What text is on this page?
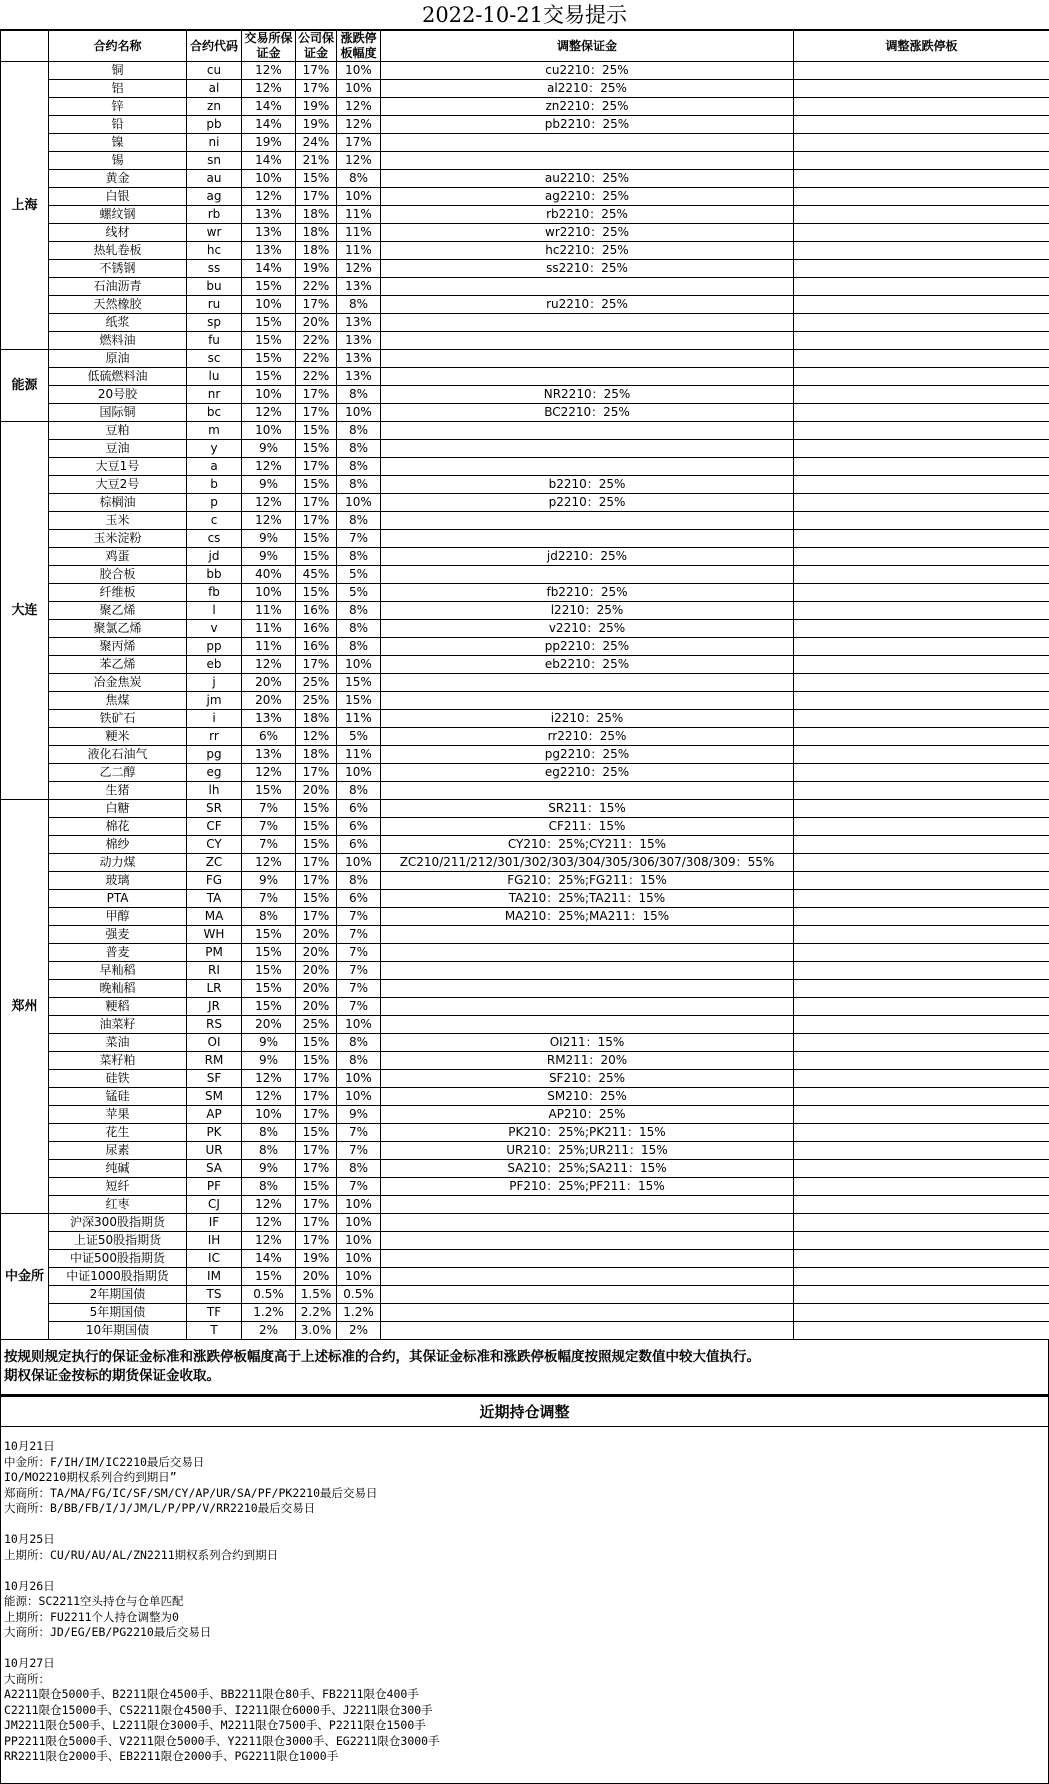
2022-10-21交易提示
	合约名称	合约代码	交易所保证金	公司保证金	涨跌停板幅度	调整保证金	调整涨跌停板
上海	铜	cu	12%	17%	10%	cu2210：25%	
	铝	al	12%	17%	10%	al2210：25%	
	锌	zn	14%	19%	12%	zn2210：25%	
	铅	pb	14%	19%	12%	pb2210：25%	
	镍	ni	19%	24%	17%		
	锡	sn	14%	21%	12%		
	黄金	au	10%	15%	8%	au2210：25%	
	白银	ag	12%	17%	10%	ag2210：25%	
	螺纹钢	rb	13%	18%	11%	rb2210：25%	
	线材	wr	13%	18%	11%	wr2210：25%	
	热轧卷板	hc	13%	18%	11%	hc2210：25%	
	不锈钢	ss	14%	19%	12%	ss2210：25%	
	石油沥青	bu	15%	22%	13%		
	天然橡胶	ru	10%	17%	8%	ru2210：25%	
	纸浆	sp	15%	20%	13%		
	燃料油	fu	15%	22%	13%		
能源	原油	sc	15%	22%	13%		
	低硫燃料油	lu	15%	22%	13%		
	20号胶	nr	10%	17%	8%	NR2210：25%	
	国际铜	bc	12%	17%	10%	BC2210：25%	
大连	豆粕	m	10%	15%	8%		
	豆油	y	9%	15%	8%		
	大豆1号	a	12%	17%	8%		
	大豆2号	b	9%	15%	8%	b2210：25%	
	棕榈油	p	12%	17%	10%	p2210：25%	
	玉米	c	12%	17%	8%		
	玉米淀粉	cs	9%	15%	7%		
	鸡蛋	jd	9%	15%	8%	jd2210：25%	
	胶合板	bb	40%	45%	5%		
	纤维板	fb	10%	15%	5%	fb2210：25%	
	聚乙烯	l	11%	16%	8%	l2210：25%	
	聚氯乙烯	v	11%	16%	8%	v2210：25%	
	聚丙烯	pp	11%	16%	8%	pp2210：25%	
	苯乙烯	eb	12%	17%	10%	eb2210：25%	
	冶金焦炭	j	20%	25%	15%		
	焦煤	jm	20%	25%	15%		
	铁矿石	i	13%	18%	11%	i2210：25%	
	粳米	rr	6%	12%	5%	rr2210：25%	
	液化石油气	pg	13%	18%	11%	pg2210：25%	
	乙二醇	eg	12%	17%	10%	eg2210：25%	
	生猪	lh	15%	20%	8%		
郑州	白糖	SR	7%	15%	6%	SR211：15%	
	棉花	CF	7%	15%	6%	CF211：15%	
	棉纱	CY	7%	15%	6%	CY210：25%;CY211：15%	
	动力煤	ZC	12%	17%	10%	ZC210/211/212/301/302/303/304/305/306/307/308/309：55%	
	玻璃	FG	9%	17%	8%	FG210：25%;FG211：15%	
	PTA	TA	7%	15%	6%	TA210：25%;TA211：15%	
	甲醇	MA	8%	17%	7%	MA210：25%;MA211：15%	
	强麦	WH	15%	20%	7%		
	普麦	PM	15%	20%	7%		
	早籼稻	RI	15%	20%	7%		
	晚籼稻	LR	15%	20%	7%		
	粳稻	JR	15%	20%	7%		
	油菜籽	RS	20%	25%	10%		
	菜油	OI	9%	15%	8%	OI211：15%	
	菜籽粕	RM	9%	15%	8%	RM211：20%	
	硅铁	SF	12%	17%	10%	SF210：25%	
	锰硅	SM	12%	17%	10%	SM210：25%	
	苹果	AP	10%	17%	9%	AP210：25%	
	花生	PK	8%	15%	7%	PK210：25%;PK211：15%	
	尿素	UR	8%	17%	7%	UR210：25%;UR211：15%	
	纯碱	SA	9%	17%	8%	SA210：25%;SA211：15%	
	短纤	PF	8%	15%	7%	PF210：25%;PF211：15%	
	红枣	CJ	12%	17%	10%		
中金所	沪深300股指期货	IF	12%	17%	10%		
	上证50股指期货	IH	12%	17%	10%		
	中证500股指期货	IC	14%	19%	10%		
	中证1000股指期货	IM	15%	20%	10%		
	2年期国债	TS	0.5%	1.5%	0.5%		
	5年期国债	TF	1.2%	2.2%	1.2%		
	10年期国债	T	2%	3.0%	2%		
按规则规定执行的保证金标准和涨跌停板幅度高于上述标准的合约，其保证金标准和涨跌停板幅度按照规定数值中较大值执行。
期权保证金按标的期货保证金收取。
近期持仓调整
10月21日
中金所：F/IH/IM/IC2210最后交易日
IO/MO2210期权系列合约到期日”
郑商所：TA/MA/FG/IC/SF/SM/CY/AP/UR/SA/PF/PK2210最后交易日
大商所：B/BB/FB/I/J/JM/L/P/PP/V/RR2210最后交易日
10月25日
上期所：CU/RU/AU/AL/ZN2211期权系列合约到期日
10月26日
能源：SC2211空头持仓与仓单匹配
上期所：FU2211个人持仓调整为0
大商所：JD/EG/EB/PG2210最后交易日
10月27日
大商所：
A2211限仓5000手、B2211限仓4500手、BB2211限仓80手、FB2211限仓400手
C2211限仓15000手、CS2211限仓4500手、I2211限仓6000手、J2211限仓300手
JM2211限仓500手、L2211限仓3000手、M2211限仓7500手、P2211限仓1500手
PP2211限仓5000手、V2211限仓5000手、Y2211限仓3000手、EG2211限仓3000手
RR2211限仓2000手、EB2211限仓2000手、PG2211限仓1000手
